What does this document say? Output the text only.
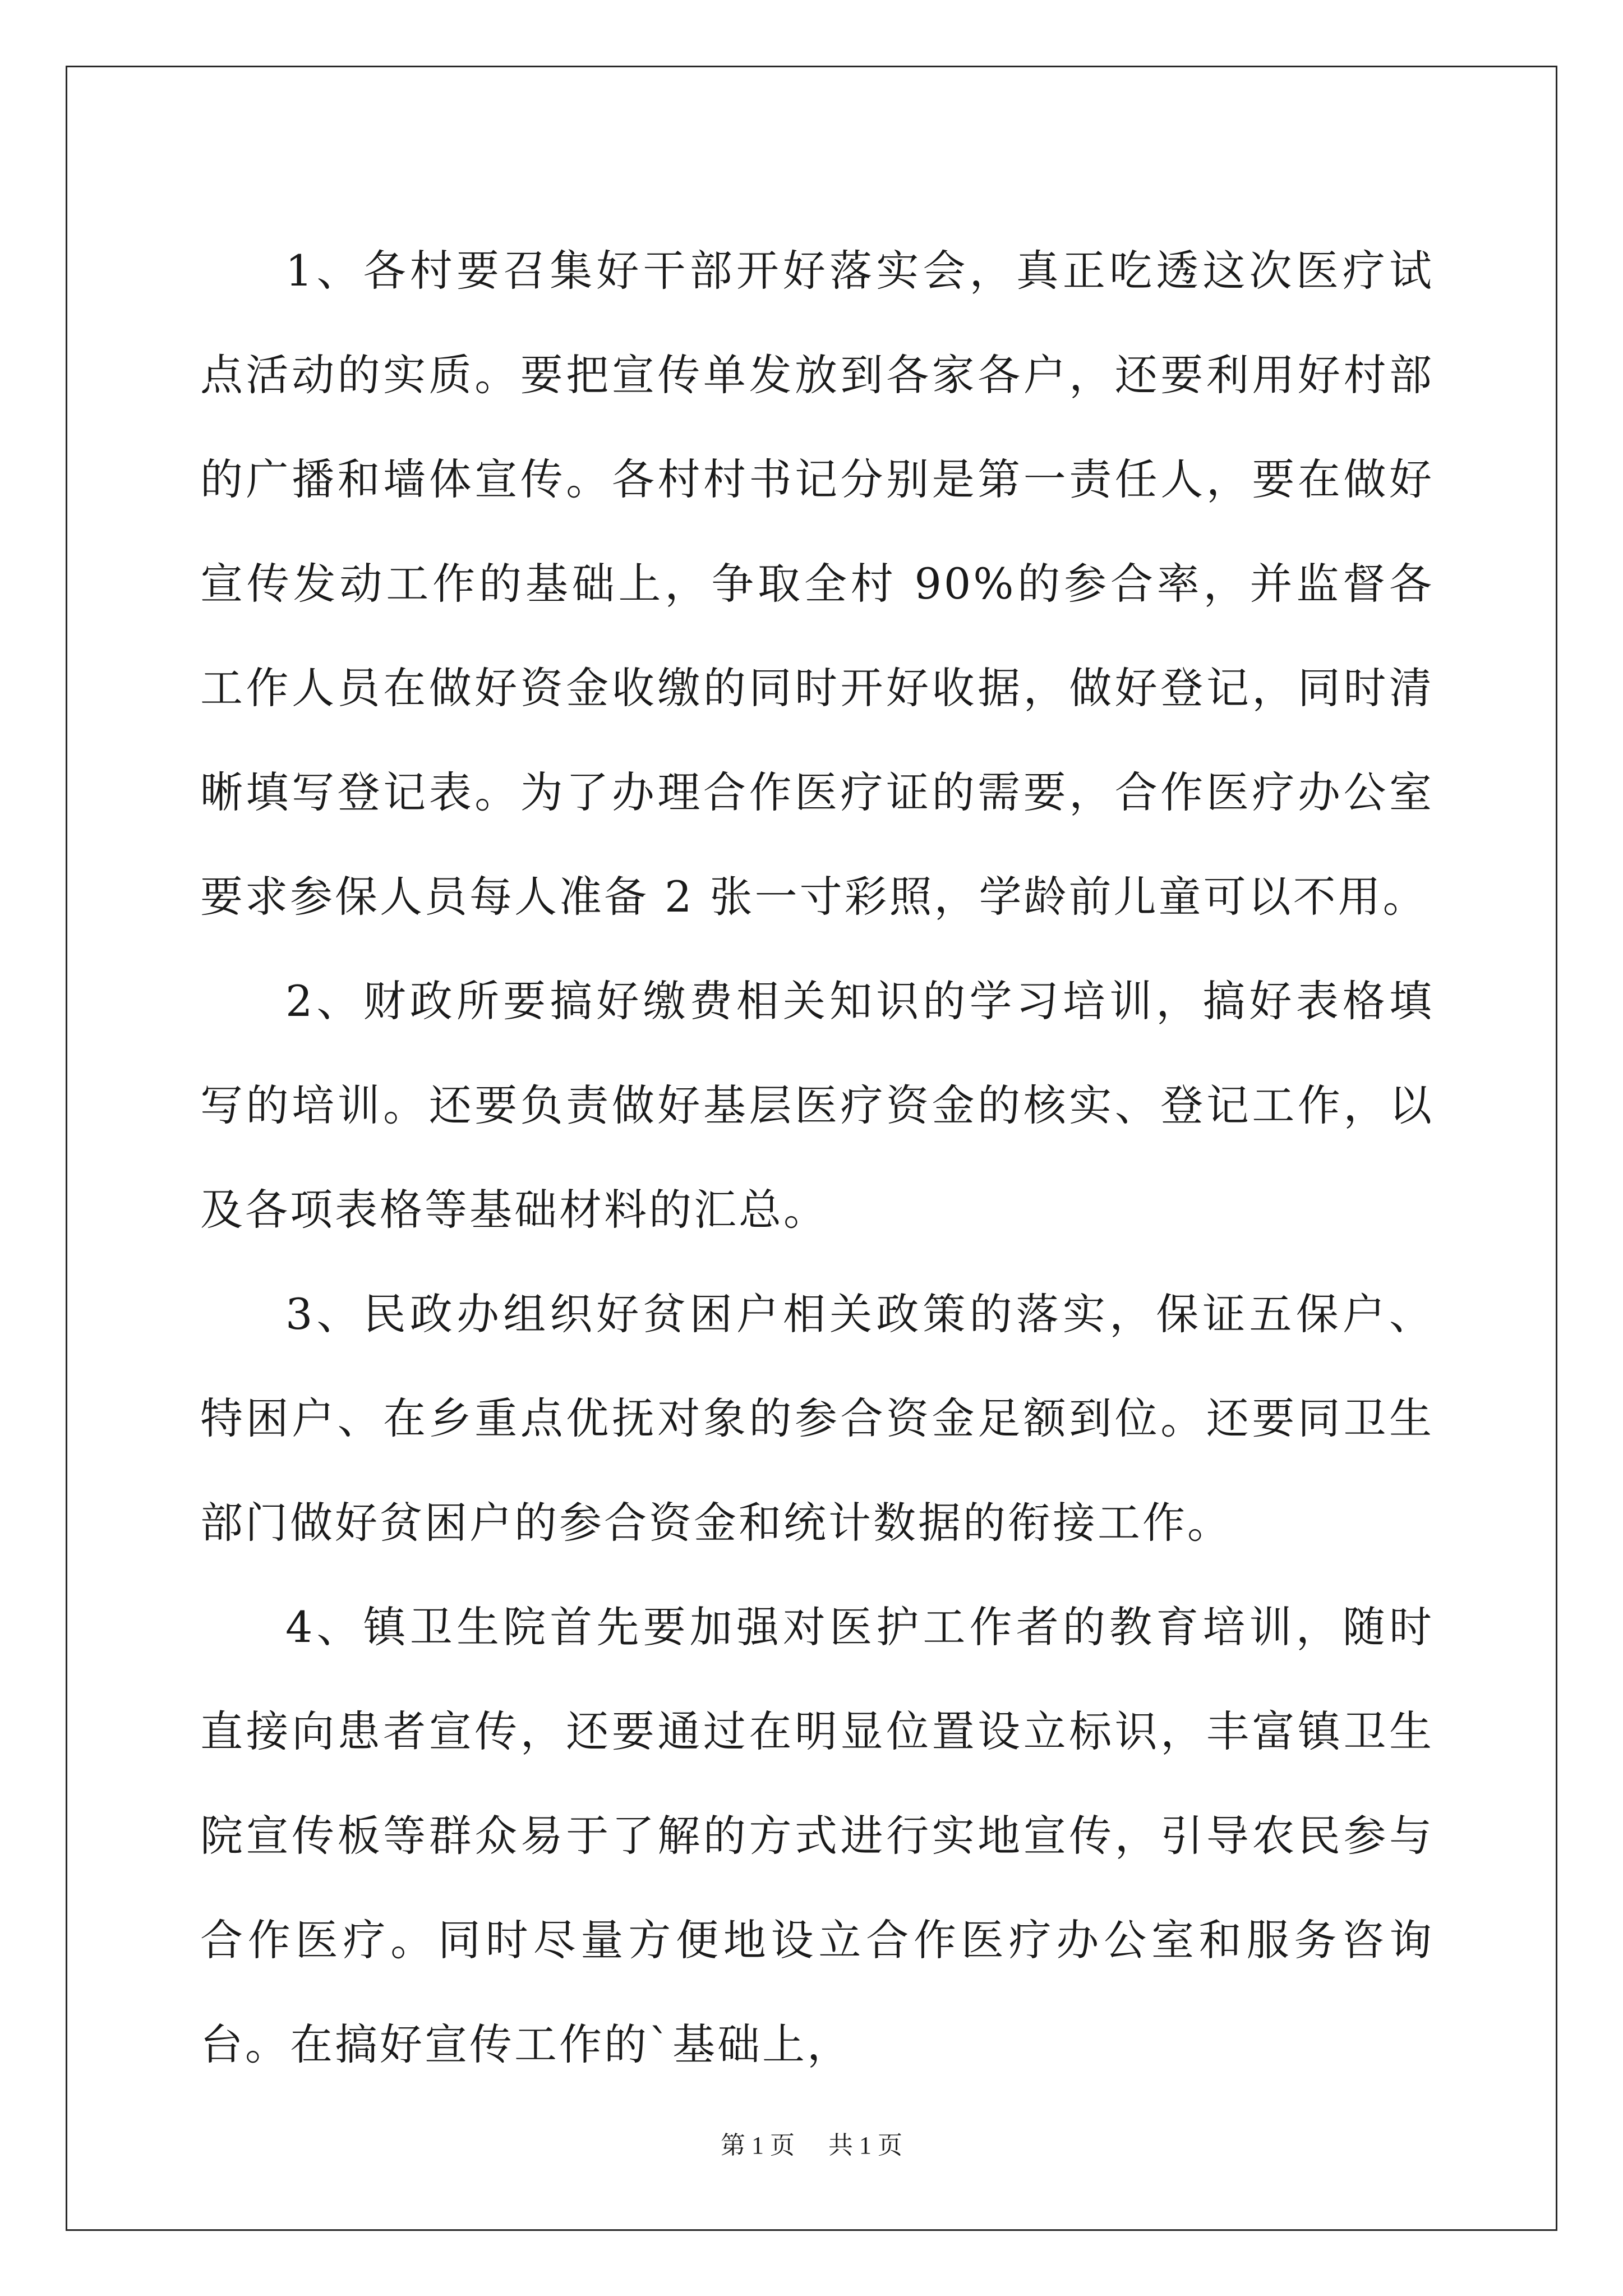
1、各村要召集好干部开好落实会，真正吃透这次医疗试点活动的实质。要把宣传单发放到各家各户，还要利用好村部的广播和墙体宣传。各村村书记分别是第一责任人，要在做好宣传发动工作的基础上，争取全村 90%的参合率，并监督各工作人员在做好资金收缴的同时开好收据，做好登记，同时清晰填写登记表。为了办理合作医疗证的需要，合作医疗办公室要求参保人员每人准备 2 张一寸彩照，学龄前儿童可以不用。

2、财政所要搞好缴费相关知识的学习培训，搞好表格填写的培训。还要负责做好基层医疗资金的核实、登记工作，以及各项表格等基础材料的汇总。

3、民政办组织好贫困户相关政策的落实，保证五保户、特困户、在乡重点优抚对象的参合资金足额到位。还要同卫生部门做好贫困户的参合资金和统计数据的衔接工作。

4、镇卫生院首先要加强对医护工作者的教育培训，随时直接向患者宣传，还要通过在明显位置设立标识，丰富镇卫生院宣传板等群众易于了解的方式进行实地宣传，引导农民参与合作医疗。同时尽量方便地设立合作医疗办公室和服务咨询台。在搞好宣传工作的`基础上，

第 1 页 共 1 页
